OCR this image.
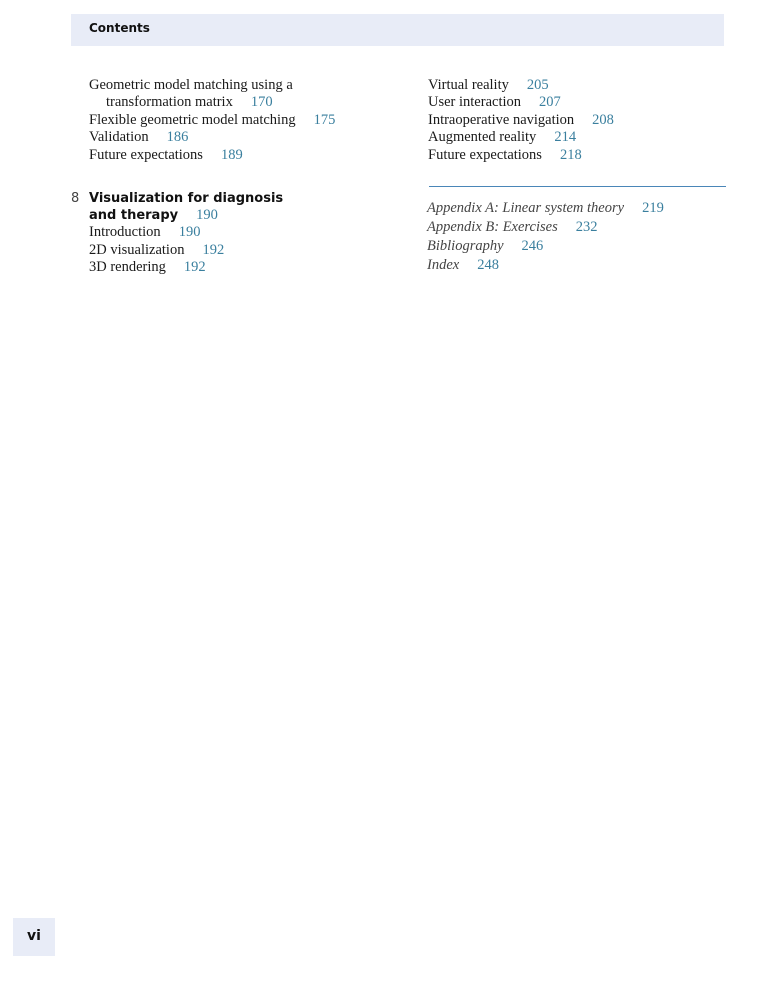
Contents
Geometric model matching using a
transformation matrix 170
Flexible geometric model matching 175
Validation 186
Future expectations 189
8 Visualization for diagnosis
and therapy 190
Introduction 190
2D visualization 192
3D rendering 192
Virtual reality 205
User interaction 207
Intraoperative navigation 208
Augmented reality 214
Future expectations 218
Appendix A: Linear system theory 219
Appendix B: Exercises 232
Bibliography 246
Index 248
vi
